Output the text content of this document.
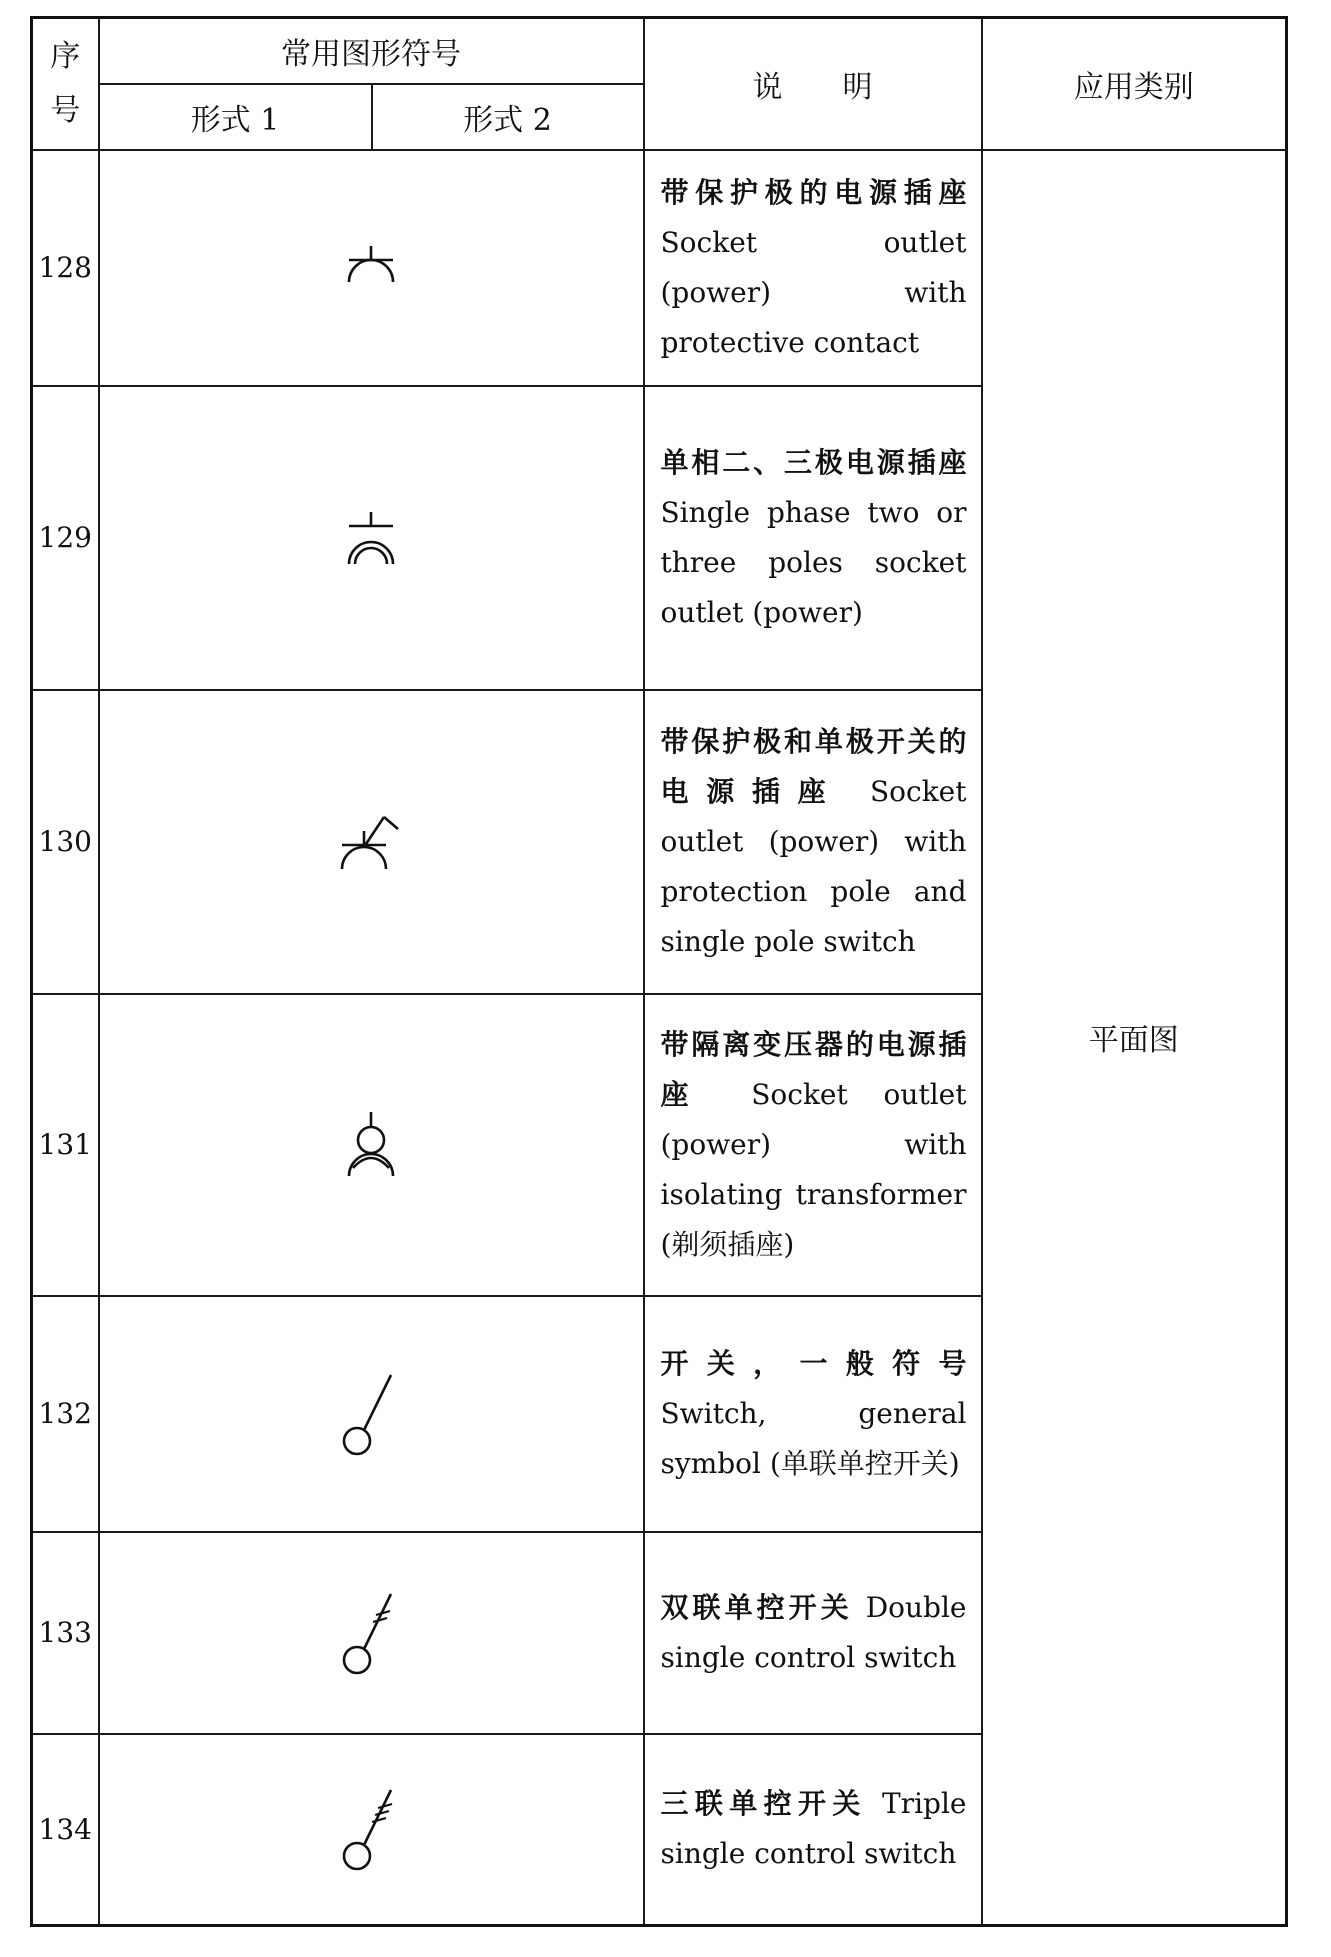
序号	常用图形符号		说　　明	应用类别
	形式 1	形式 2		
128			带保护极的电源插座 Socket outlet (power) with protective contact	平面图
129			单相二、三极电源插座 Single phase two or three poles socket outlet (power)	
130			带保护极和单极开关的电源插座 Socket outlet (power) with protection pole and single pole switch	
131			带隔离变压器的电源插座 Socket outlet (power) with isolating transformer (剃须插座)	
132			开关，一般符号 Switch, general symbol (单联单控开关)	
133			双联单控开关 Double single control switch	
134			三联单控开关 Triple single control switch	
